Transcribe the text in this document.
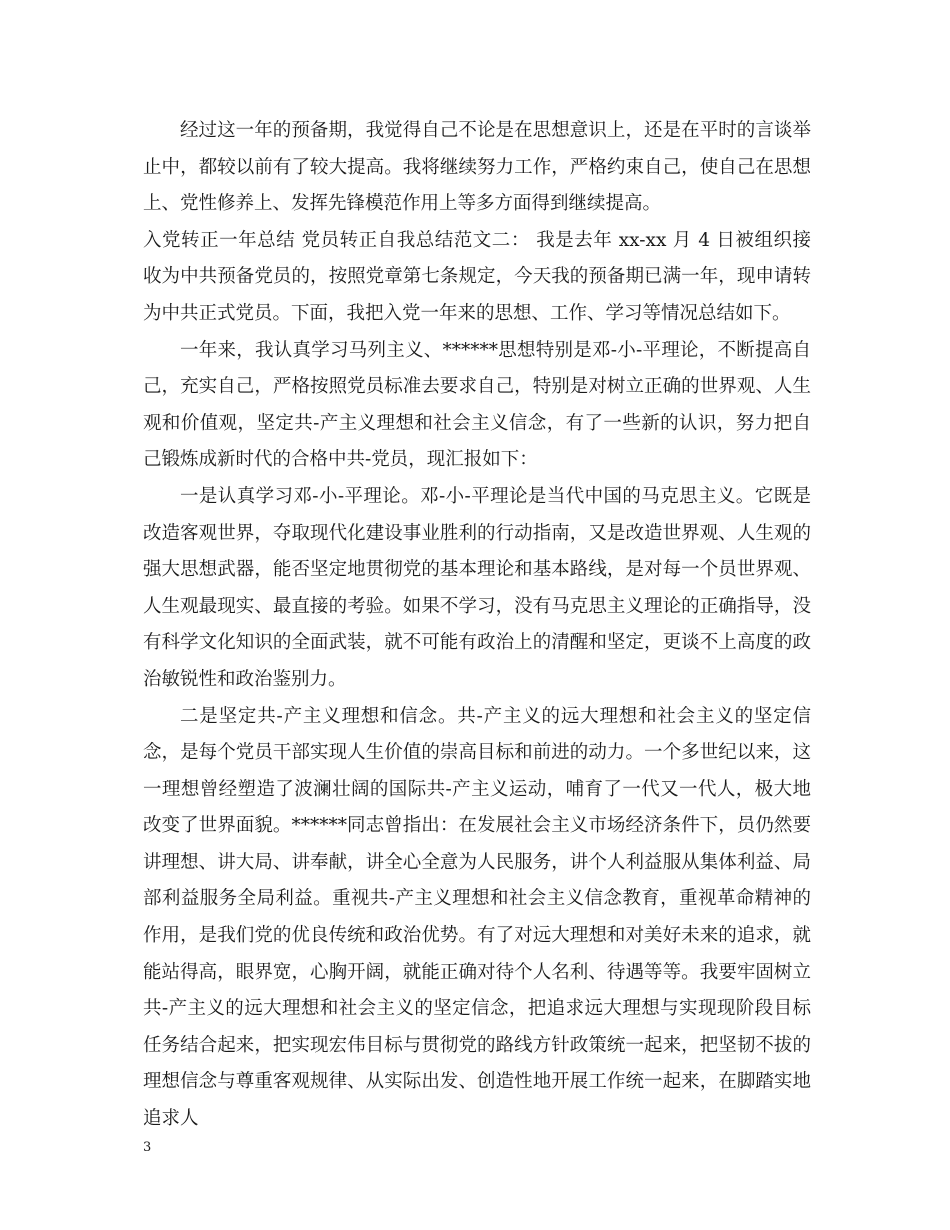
经过这一年的预备期，我觉得自己不论是在思想意识上，还是在平时的言谈举止中，都较以前有了较大提高。我将继续努力工作，严格约束自己，使自己在思想上、党性修养上、发挥先锋模范作用上等多方面得到继续提高。

入党转正一年总结 党员转正自我总结范文二： 我是去年 xx-xx 月 4 日被组织接收为中共预备党员的，按照党章第七条规定，今天我的预备期已满一年，现申请转为中共正式党员。下面，我把入党一年来的思想、工作、学习等情况总结如下。

一年来，我认真学习马列主义、******思想特别是邓-小-平理论，不断提高自己，充实自己，严格按照党员标准去要求自己，特别是对树立正确的世界观、人生观和价值观，坚定共-产主义理想和社会主义信念，有了一些新的认识，努力把自己锻炼成新时代的合格中共-党员，现汇报如下：

一是认真学习邓-小-平理论。邓-小-平理论是当代中国的马克思主义。它既是改造客观世界，夺取现代化建设事业胜利的行动指南，又是改造世界观、人生观的强大思想武器，能否坚定地贯彻党的基本理论和基本路线，是对每一个员世界观、人生观最现实、最直接的考验。如果不学习，没有马克思主义理论的正确指导，没有科学文化知识的全面武装，就不可能有政治上的清醒和坚定，更谈不上高度的政治敏锐性和政治鉴别力。

二是坚定共-产主义理想和信念。共-产主义的远大理想和社会主义的坚定信念，是每个党员干部实现人生价值的崇高目标和前进的动力。一个多世纪以来，这一理想曾经塑造了波澜壮阔的国际共-产主义运动，哺育了一代又一代人，极大地改变了世界面貌。******同志曾指出：在发展社会主义市场经济条件下，员仍然要讲理想、讲大局、讲奉献，讲全心全意为人民服务，讲个人利益服从集体利益、局部利益服务全局利益。重视共-产主义理想和社会主义信念教育，重视革命精神的作用，是我们党的优良传统和政治优势。有了对远大理想和对美好未来的追求，就能站得高，眼界宽，心胸开阔，就能正确对待个人名利、待遇等等。我要牢固树立共-产主义的远大理想和社会主义的坚定信念，把追求远大理想与实现现阶段目标任务结合起来，把实现宏伟目标与贯彻党的路线方针政策统一起来，把坚韧不拔的理想信念与尊重客观规律、从实际出发、创造性地开展工作统一起来，在脚踏实地追求人

3
